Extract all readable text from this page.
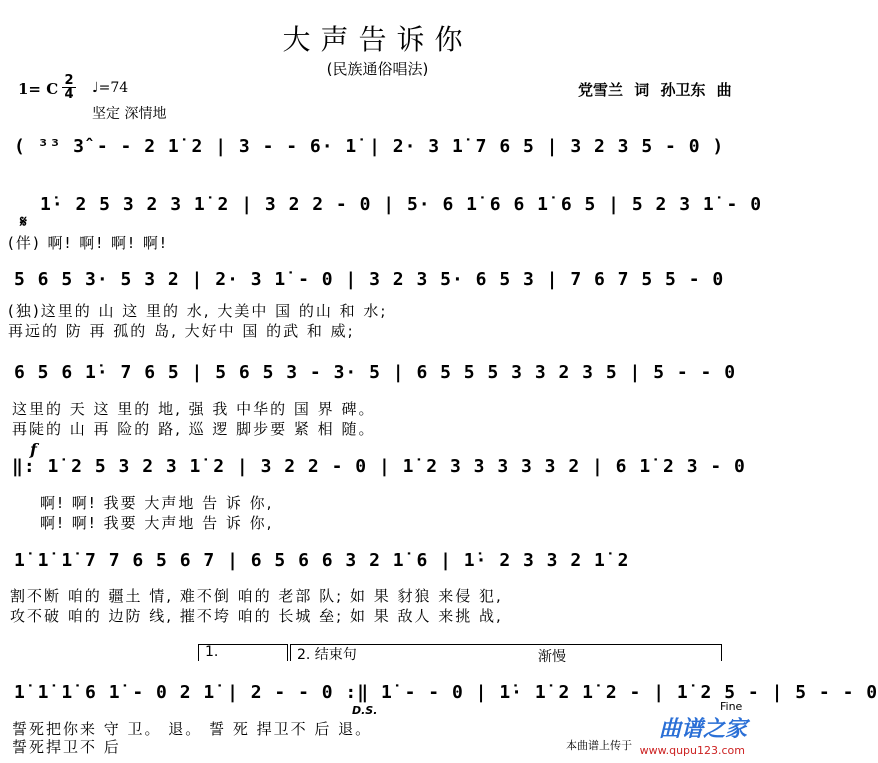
大声告诉你
(民族通俗唱法)
1= C 2
4 ♩=74
坚定 深情地
党雪兰 词 孙卫东 曲
( ³³ 3̂ - - 2 1̇ 2 | 3 - - 6· 1̇ | 2· 3 1̇ 7 6 5 | 3 2 3 5 - 0 )
1̇· 2 5 3 2 3 1̇ 2 | 3 2 2 - 0 | 5· 6 1̇ 6 6 1̇ 6 5 | 5 2 3 1̇ - 0
𝄋
(伴) 啊! 啊! 啊! 啊!
5 6 5 3· 5 3 2 | 2· 3 1̇ - 0 | 3 2 3 5· 6 5 3 | 7 6 7 5 5 - 0
(独)这里的 山 这 里的 水, 大美中 国 的山 和 水;
再远的 防 再 孤的 岛, 大好中 国 的武 和 威;
6 5 6 1̇· 7 6 5 | 5 6 5 3 - 3· 5 | 6 5 5 5 3 3 2 3 5 | 5 - - 0
这里的 天 这 里的 地, 强 我 中华的 国 界 碑。
再陡的 山 再 险的 路, 巡 逻 脚步要 紧 相 随。
f
‖: 1̇ 2 5 3 2 3 1̇ 2 | 3 2 2 - 0 | 1̇ 2 3 3 3 3 3 2 | 6 1̇ 2 3 - 0
啊! 啊! 我要 大声地 告 诉 你,
啊! 啊! 我要 大声地 告 诉 你,
1̇ 1̇ 1̇ 7 7 6 5 6 7 | 6 5 6 6 3 2 1̇ 6 | 1̇· 2 3 3 2 1̇ 2
割不断 咱的 疆土 情, 难不倒 咱的 老部 队; 如 果 豺狼 来侵 犯,
攻不破 咱的 边防 线, 摧不垮 咱的 长城 垒; 如 果 敌人 来挑 战,
1.	2. 结束句	渐慢
1̇ 1̇ 1̇ 6 1̇ - 0 2 1̇ | 2 - - 0 :‖ 1̇ - - 0 | 1̇· 1̇ 2 1̇ 2 - | 1̇ 2 5 - | 5 - - 0
D.S.	Fine
誓死把你来 守 卫。 退。 誓 死 捍卫不 后 退。
誓死捍卫不 后	本曲谱上传于
曲谱之家
www.qupu123.com
